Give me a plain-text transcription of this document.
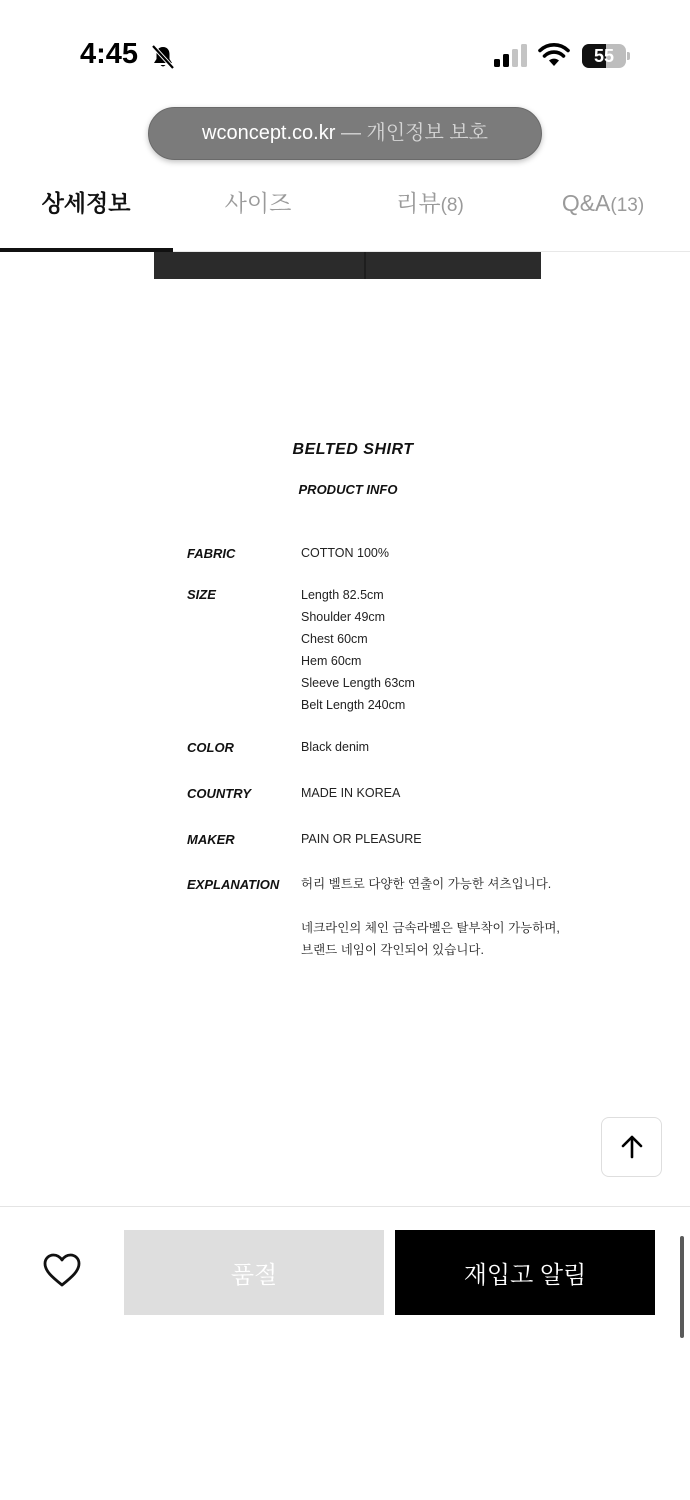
4:45	55
wconcept.co.kr — 개인정보 보호
상세정보	사이즈	리뷰(8)	Q&A(13)
BELTED SHIRT
PRODUCT INFO
FABRIC	COTTON 100%
SIZE	Length 82.5cm
Shoulder 49cm
Chest 60cm
Hem 60cm
Sleeve Length 63cm
Belt Length 240cm
COLOR	Black denim
COUNTRY	MADE IN KOREA
MAKER	PAIN OR PLEASURE
EXPLANATION 허리 벨트로 다양한 연출이 가능한 셔츠입니다.
네크라인의 체인 금속라벨은 탈부착이 가능하며,
브랜드 네임이 각인되어 있습니다.
품절	재입고 알림
